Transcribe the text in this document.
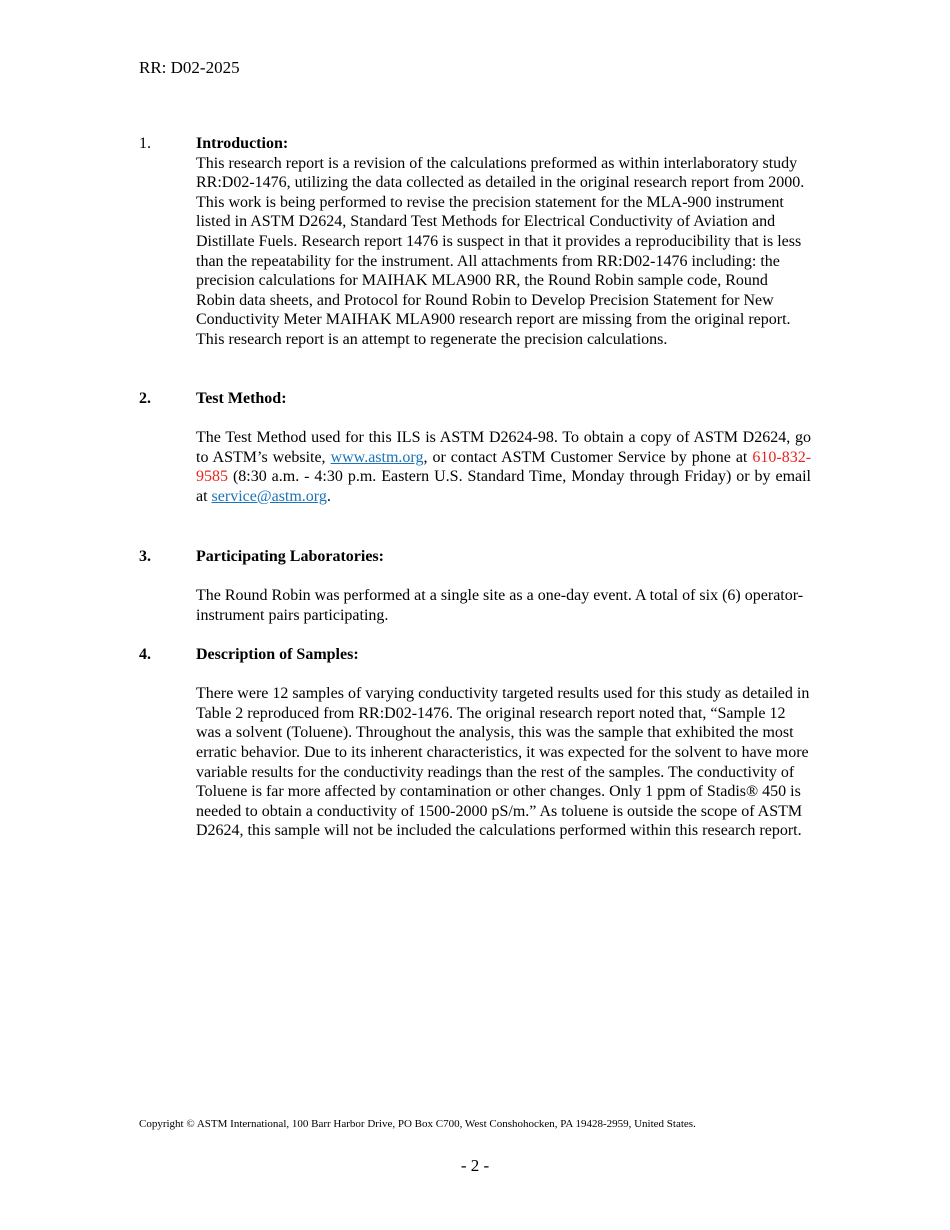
RR: D02-2025
1.	Introduction:

This research report is a revision of the calculations preformed as within interlaboratory study RR:D02-1476, utilizing the data collected as detailed in the original research report from 2000. This work is being performed to revise the precision statement for the MLA-900 instrument listed in ASTM D2624, Standard Test Methods for Electrical Conductivity of Aviation and Distillate Fuels. Research report 1476 is suspect in that it provides a reproducibility that is less than the repeatability for the instrument. All attachments from RR:D02-1476 including: the precision calculations for MAIHAK MLA900 RR, the Round Robin sample code, Round Robin data sheets, and Protocol for Round Robin to Develop Precision Statement for New Conductivity Meter MAIHAK MLA900 research report are missing from the original report. This research report is an attempt to regenerate the precision calculations.

2.	Test Method:

The Test Method used for this ILS is ASTM D2624-98. To obtain a copy of ASTM D2624, go to ASTM’s website, www.astm.org, or contact ASTM Customer Service by phone at 610-832-9585 (8:30 a.m. - 4:30 p.m. Eastern U.S. Standard Time, Monday through Friday) or by email at service@astm.org.

3.	Participating Laboratories:

The Round Robin was performed at a single site as a one-day event. A total of six (6) operator-instrument pairs participating.

4.	Description of Samples:

There were 12 samples of varying conductivity targeted results used for this study as detailed in Table 2 reproduced from RR:D02-1476. The original research report noted that, “Sample 12 was a solvent (Toluene). Throughout the analysis, this was the sample that exhibited the most erratic behavior. Due to its inherent characteristics, it was expected for the solvent to have more variable results for the conductivity readings than the rest of the samples. The conductivity of Toluene is far more affected by contamination or other changes. Only 1 ppm of Stadis® 450 is needed to obtain a conductivity of 1500-2000 pS/m.” As toluene is outside the scope of ASTM D2624, this sample will not be included the calculations performed within this research report.

Copyright © ASTM International, 100 Barr Harbor Drive, PO Box C700, West Conshohocken, PA 19428-2959, United States.
- 2 -
